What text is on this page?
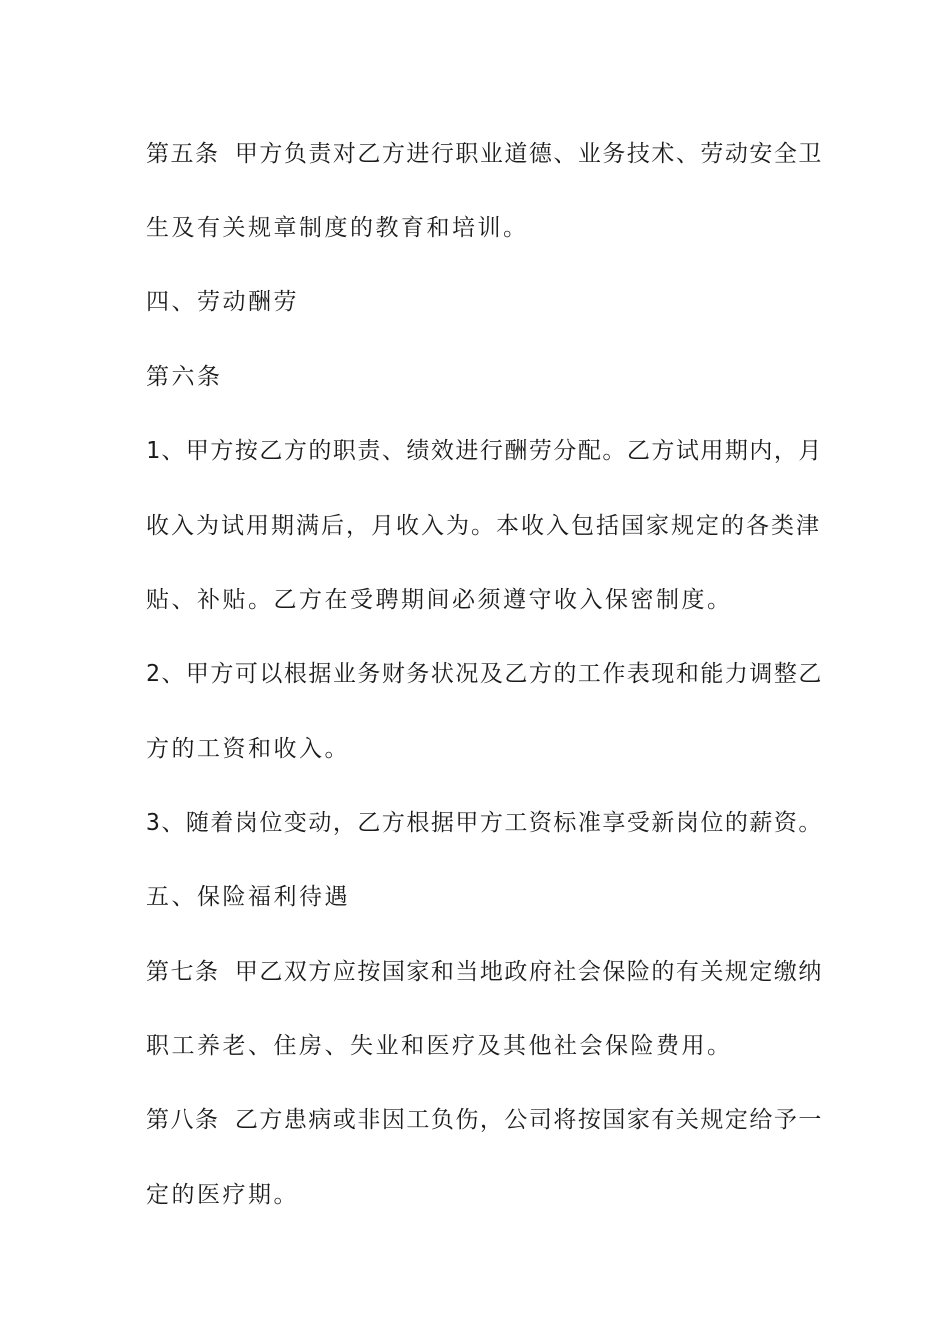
第五条 甲方负责对乙方进行职业道德、业务技术、劳动安全卫
生及有关规章制度的教育和培训。
四、劳动酬劳
第六条
1、甲方按乙方的职责、绩效进行酬劳分配。乙方试用期内，月
收入为试用期满后，月收入为。本收入包括国家规定的各类津
贴、补贴。乙方在受聘期间必须遵守收入保密制度。
2、甲方可以根据业务财务状况及乙方的工作表现和能力调整乙
方的工资和收入。
3、随着岗位变动，乙方根据甲方工资标准享受新岗位的薪资。
五、保险福利待遇
第七条 甲乙双方应按国家和当地政府社会保险的有关规定缴纳
职工养老、住房、失业和医疗及其他社会保险费用。
第八条 乙方患病或非因工负伤，公司将按国家有关规定给予一
定的医疗期。
